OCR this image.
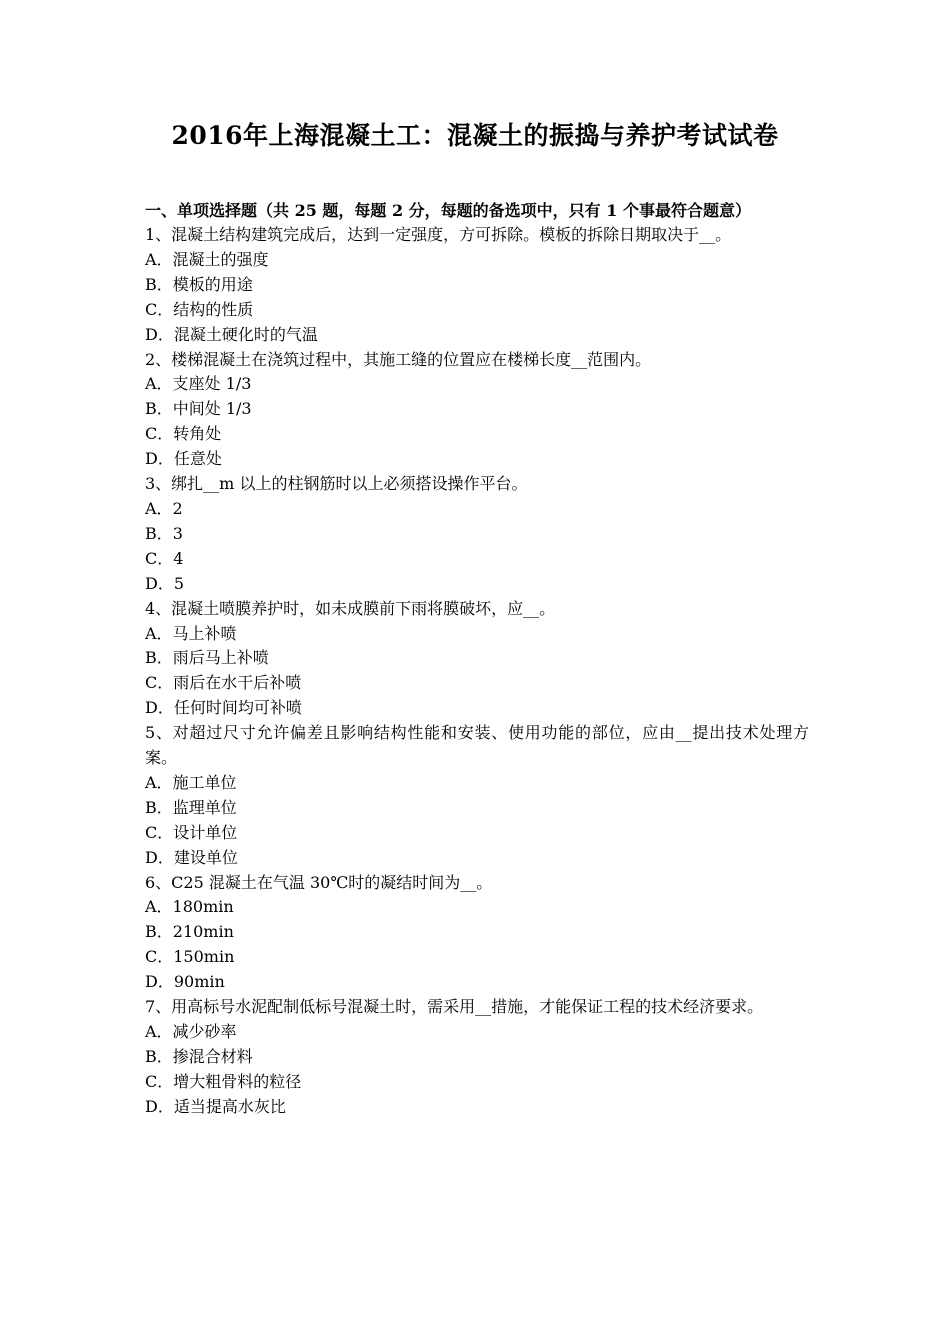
2016年上海混凝土工：混凝土的振捣与养护考试试卷

一、单项选择题（共 25 题，每题 2 分，每题的备选项中，只有 1 个事最符合题意）

1、混凝土结构建筑完成后，达到一定强度，方可拆除。模板的拆除日期取决于__。

A．混凝土的强度

B．模板的用途

C．结构的性质

D．混凝土硬化时的气温

2、楼梯混凝土在浇筑过程中，其施工缝的位置应在楼梯长度__范围内。

A．支座处 1/3

B．中间处 1/3

C．转角处

D．任意处

3、绑扎__m 以上的柱钢筋时以上必须搭设操作平台。

A．2

B．3

C．4

D．5

4、混凝土喷膜养护时，如未成膜前下雨将膜破坏，应__。

A．马上补喷

B．雨后马上补喷

C．雨后在水干后补喷

D．任何时间均可补喷

5、对超过尺寸允许偏差且影响结构性能和安装、使用功能的部位，应由__提出技术处理方案。

A．施工单位

B．监理单位

C．设计单位

D．建设单位

6、C25 混凝土在气温 30℃时的凝结时间为__。

A．180min

B．210min

C．150min

D．90min

7、用高标号水泥配制低标号混凝土时，需采用__措施，才能保证工程的技术经济要求。

A．减少砂率

B．掺混合材料

C．增大粗骨料的粒径

D．适当提高水灰比
